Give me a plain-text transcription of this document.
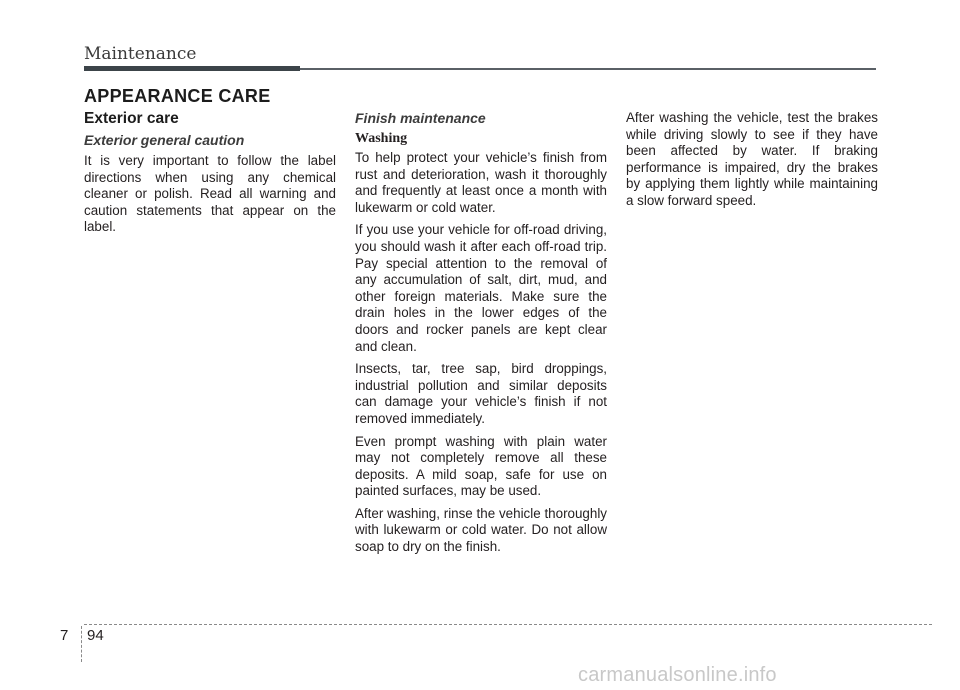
Maintenance
APPEARANCE CARE
Exterior care
Exterior general caution

It is very important to follow the label directions when using any chemical cleaner or polish. Read all warning and caution statements that appear on the label.

Finish maintenance
Washing

To help protect your vehicle’s finish from rust and deterioration, wash it thoroughly and frequently at least once a month with lukewarm or cold water.

If you use your vehicle for off-road driving, you should wash it after each off-road trip. Pay special attention to the removal of any accumulation of salt, dirt, mud, and other foreign materials. Make sure the drain holes in the lower edges of the doors and rocker panels are kept clear and clean.

Insects, tar, tree sap, bird droppings, industrial pollution and similar deposits can damage your vehicle’s finish if not removed immediately.

Even prompt washing with plain water may not completely remove all these deposits. A mild soap, safe for use on painted surfaces, may be used.

After washing, rinse the vehicle thoroughly with lukewarm or cold water. Do not allow soap to dry on the finish.

After washing the vehicle, test the brakes while driving slowly to see if they have been affected by water. If braking performance is impaired, dry the brakes by applying them lightly while maintaining a slow forward speed.

7 94
carmanualsonline.info
